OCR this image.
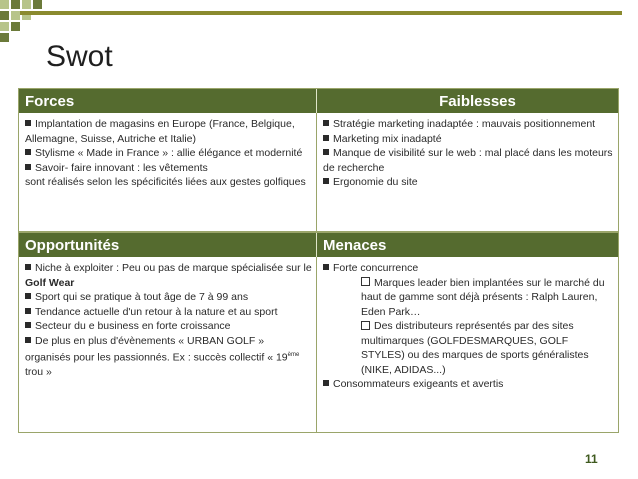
Swot
Forces	Faiblesses

Implantation de magasins en Europe (France, Belgique, Allemagne, Suisse, Autriche et Italie)

Stylisme « Made in France » : allie élégance et modernité

Savoir- faire innovant : les vêtements

sont réalisés selon les spécificités liées aux gestes golfiques

Stratégie marketing inadaptée : mauvais positionnement

Marketing mix inadapté

Manque de visibilité sur le web : mal placé dans les moteurs de recherche

Ergonomie du site

Opportunités	Menaces

Niche à exploiter : Peu ou pas de marque spécialisée sur le

Golf Wear

Sport qui se pratique à tout âge de 7 à 99 ans

Tendance actuelle d'un retour à la nature et au sport

Secteur du e business en forte croissance

De plus en plus d'évènements « URBAN GOLF » organisés pour les passionnés. Ex : succès collectif « 19ème

trou »

Forte concurrence

Marques leader bien implantées sur le marché du haut de gamme sont déjà présents : Ralph Lauren, Eden Park…

Des distributeurs représentés par des sites multimarques (GOLFDESMARQUES, GOLF STYLES) ou des marques de sports généralistes (NIKE, ADIDAS...)

Consommateurs exigeants et avertis

11
